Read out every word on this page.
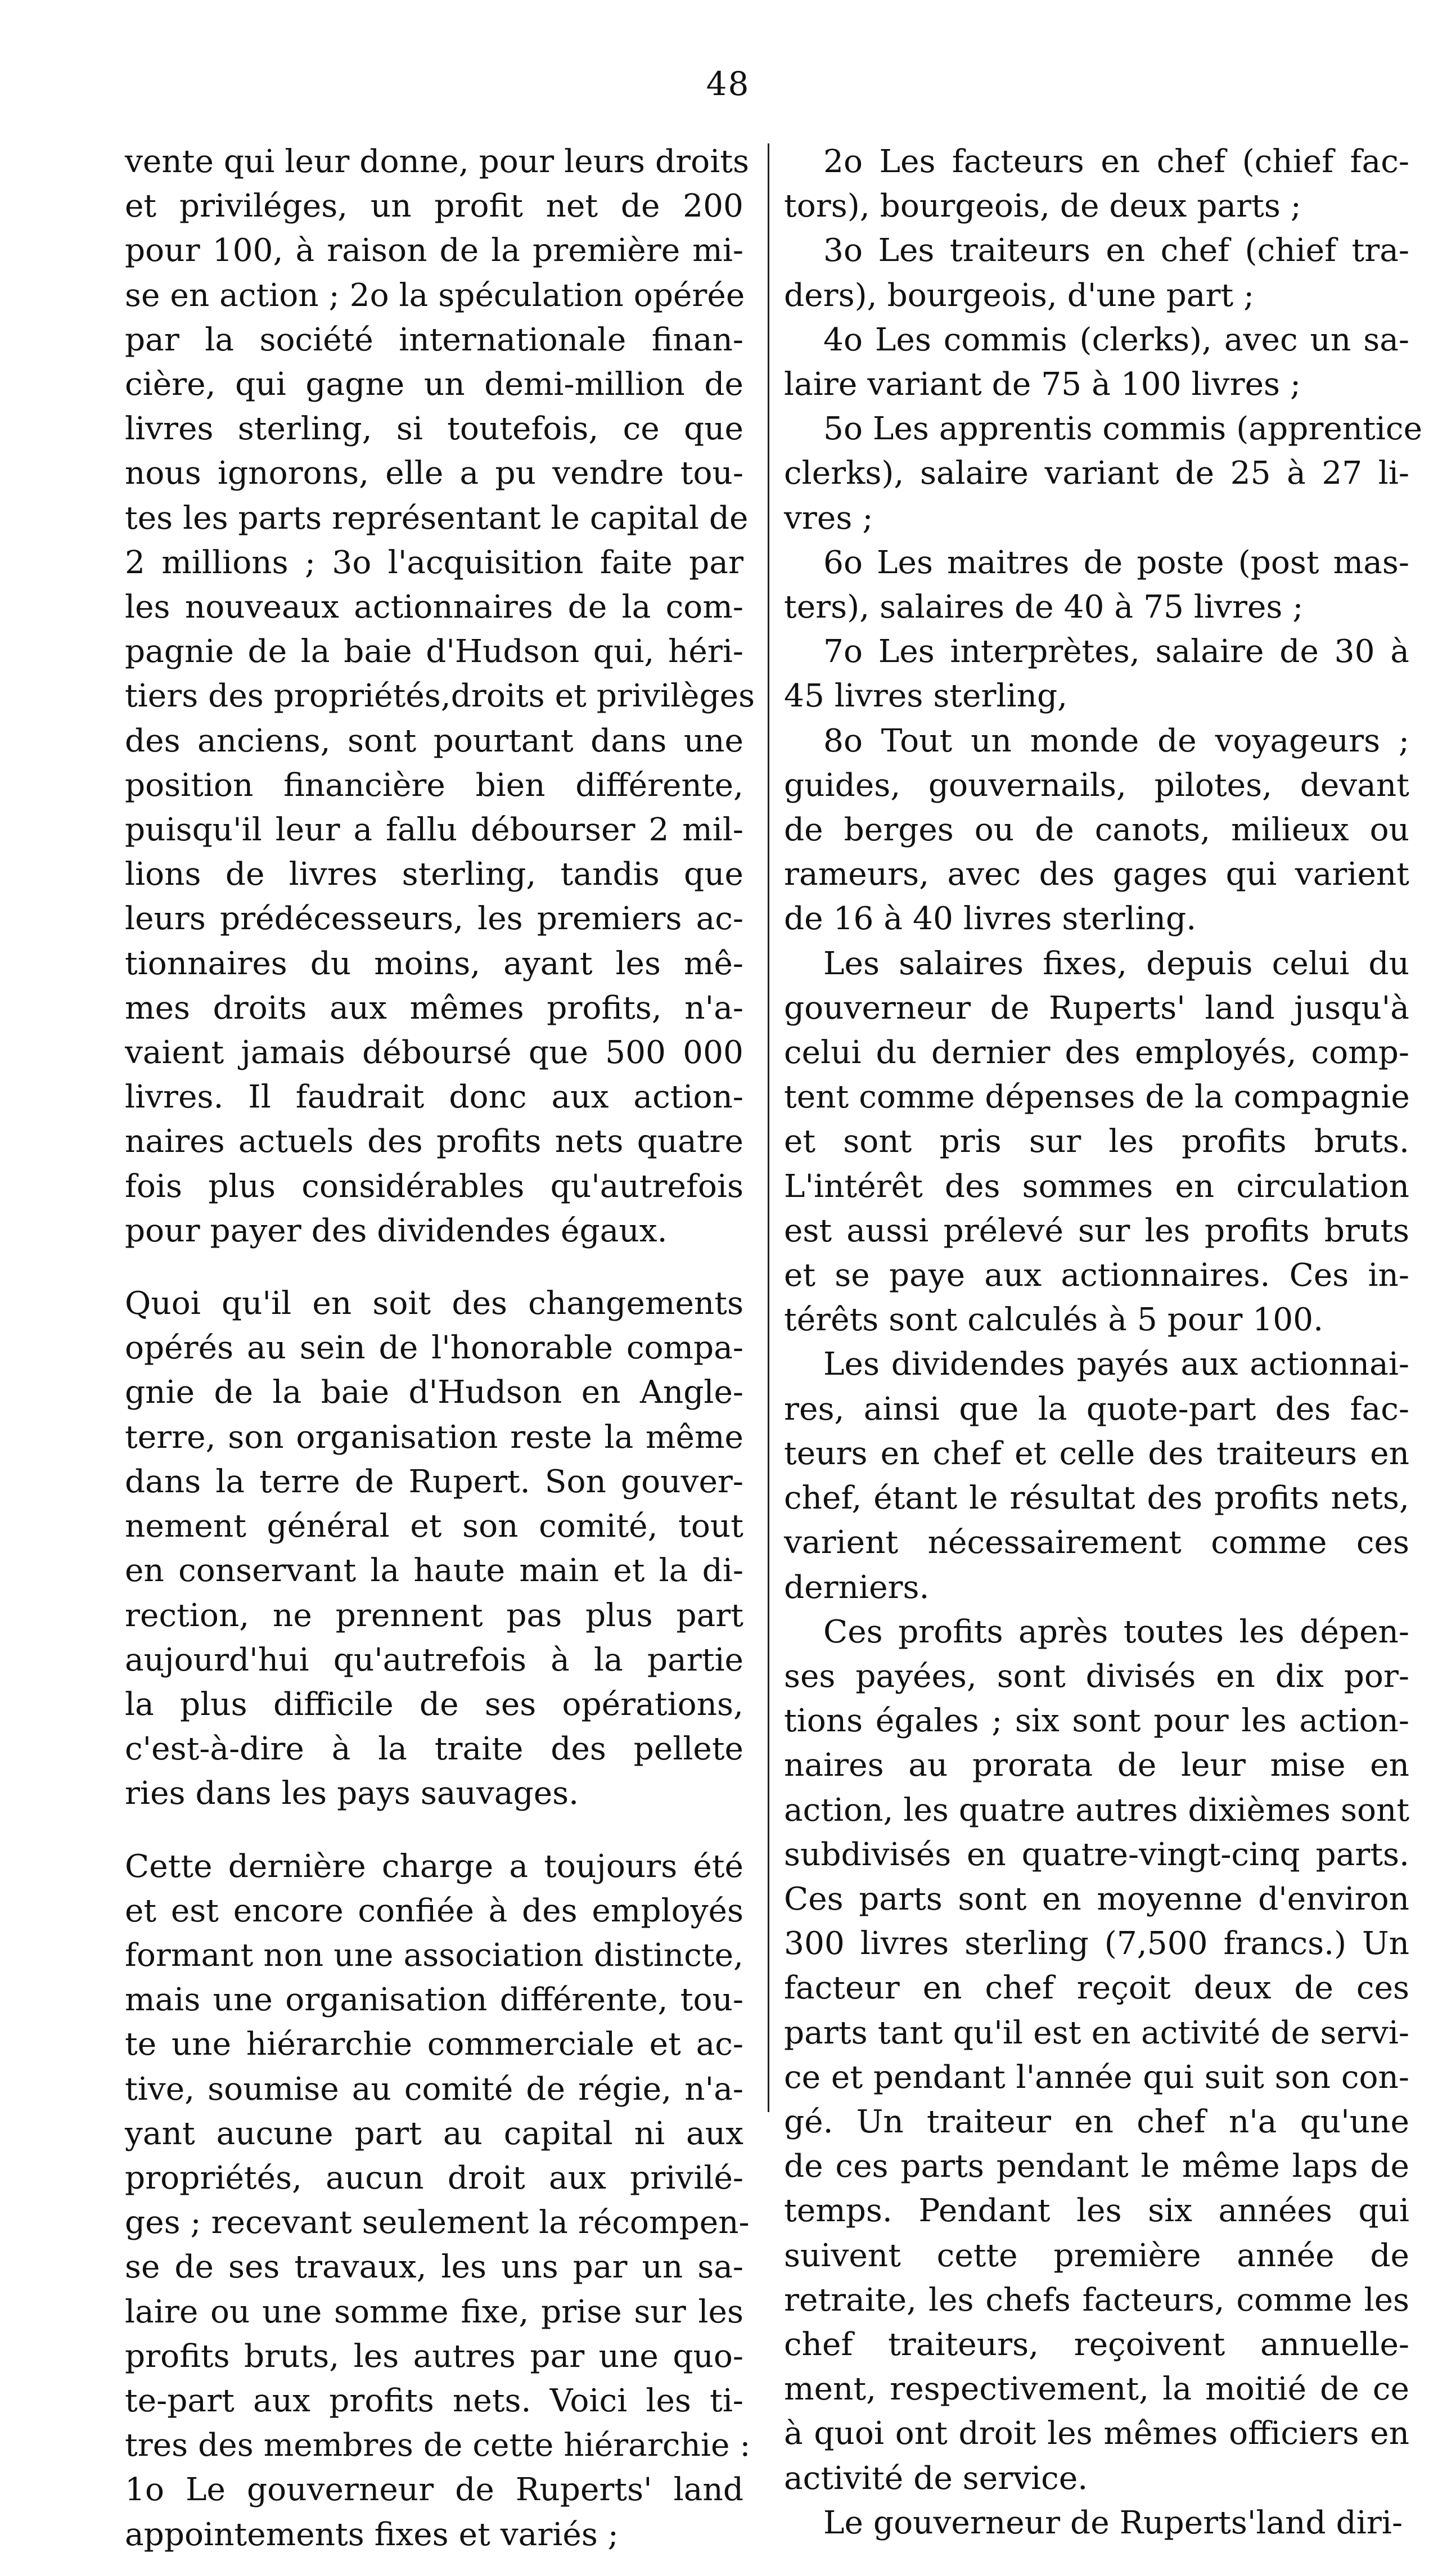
48

vente qui leur donne, pour leurs droits
et priviléges, un profit net de 200
pour 100, à raison de la première mi-
se en action ; 2o la spéculation opérée
par la société internationale finan-
cière, qui gagne un demi-million de
livres sterling, si toutefois, ce que
nous ignorons, elle a pu vendre tou-
tes les parts représentant le capital de
2 millions ; 3o l'acquisition faite par
les nouveaux actionnaires de la com-
pagnie de la baie d'Hudson qui, héri-
tiers des propriétés,droits et privilèges
des anciens, sont pourtant dans une
position financière bien différente,
puisqu'il leur a fallu débourser 2 mil-
lions de livres sterling, tandis que
leurs prédécesseurs, les premiers ac-
tionnaires du moins, ayant les mê-
mes droits aux mêmes profits, n'a-
vaient jamais déboursé que 500 000
livres. Il faudrait donc aux action-
naires actuels des profits nets quatre
fois plus considérables qu'autrefois
pour payer des dividendes égaux.

Quoi qu'il en soit des changements
opérés au sein de l'honorable compa-
gnie de la baie d'Hudson en Angle-
terre, son organisation reste la même
dans la terre de Rupert. Son gouver-
nement général et son comité, tout
en conservant la haute main et la di-
rection, ne prennent pas plus part
aujourd'hui qu'autrefois à la partie
la plus difficile de ses opérations,
c'est-à-dire à la traite des pellete
ries dans les pays sauvages.

Cette dernière charge a toujours été
et est encore confiée à des employés
formant non une association distincte,
mais une organisation différente, tou-
te une hiérarchie commerciale et ac-
tive, soumise au comité de régie, n'a-
yant aucune part au capital ni aux
propriétés, aucun droit aux privilé-
ges ; recevant seulement la récompen-
se de ses travaux, les uns par un sa-
laire ou une somme fixe, prise sur les
profits bruts, les autres par une quo-
te-part aux profits nets. Voici les ti-
tres des membres de cette hiérarchie :

1o Le gouverneur de Ruperts' land
appointements fixes et variés ;

2o Les facteurs en chef (chief fac-
tors), bourgeois, de deux parts ;

3o Les traiteurs en chef (chief tra-
ders), bourgeois, d'une part ;

4o Les commis (clerks), avec un sa-
laire variant de 75 à 100 livres ;

5o Les apprentis commis (apprentice
clerks), salaire variant de 25 à 27 li-
vres ;

6o Les maitres de poste (post mas-
ters), salaires de 40 à 75 livres ;

7o Les interprètes, salaire de 30 à
45 livres sterling,

8o Tout un monde de voyageurs ;
guides, gouvernails, pilotes, devant
de berges ou de canots, milieux ou
rameurs, avec des gages qui varient
de 16 à 40 livres sterling.

Les salaires fixes, depuis celui du
gouverneur de Ruperts' land jusqu'à
celui du dernier des employés, comp-
tent comme dépenses de la compagnie
et sont pris sur les profits bruts.
L'intérêt des sommes en circulation
est aussi prélevé sur les profits bruts
et se paye aux actionnaires. Ces in-
térêts sont calculés à 5 pour 100.

Les dividendes payés aux actionnai-
res, ainsi que la quote-part des fac-
teurs en chef et celle des traiteurs en
chef, étant le résultat des profits nets,
varient nécessairement comme ces
derniers.

Ces profits après toutes les dépen-
ses payées, sont divisés en dix por-
tions égales ; six sont pour les action-
naires au prorata de leur mise en
action, les quatre autres dixièmes sont
subdivisés en quatre-vingt-cinq parts.
Ces parts sont en moyenne d'environ
300 livres sterling (7,500 francs.) Un
facteur en chef reçoit deux de ces
parts tant qu'il est en activité de servi-
ce et pendant l'année qui suit son con-
gé. Un traiteur en chef n'a qu'une
de ces parts pendant le même laps de
temps. Pendant les six années qui
suivent cette première année de
retraite, les chefs facteurs, comme les
chef traiteurs, reçoivent annuelle-
ment, respectivement, la moitié de ce
à quoi ont droit les mêmes officiers en
activité de service.

Le gouverneur de Ruperts'land diri-
